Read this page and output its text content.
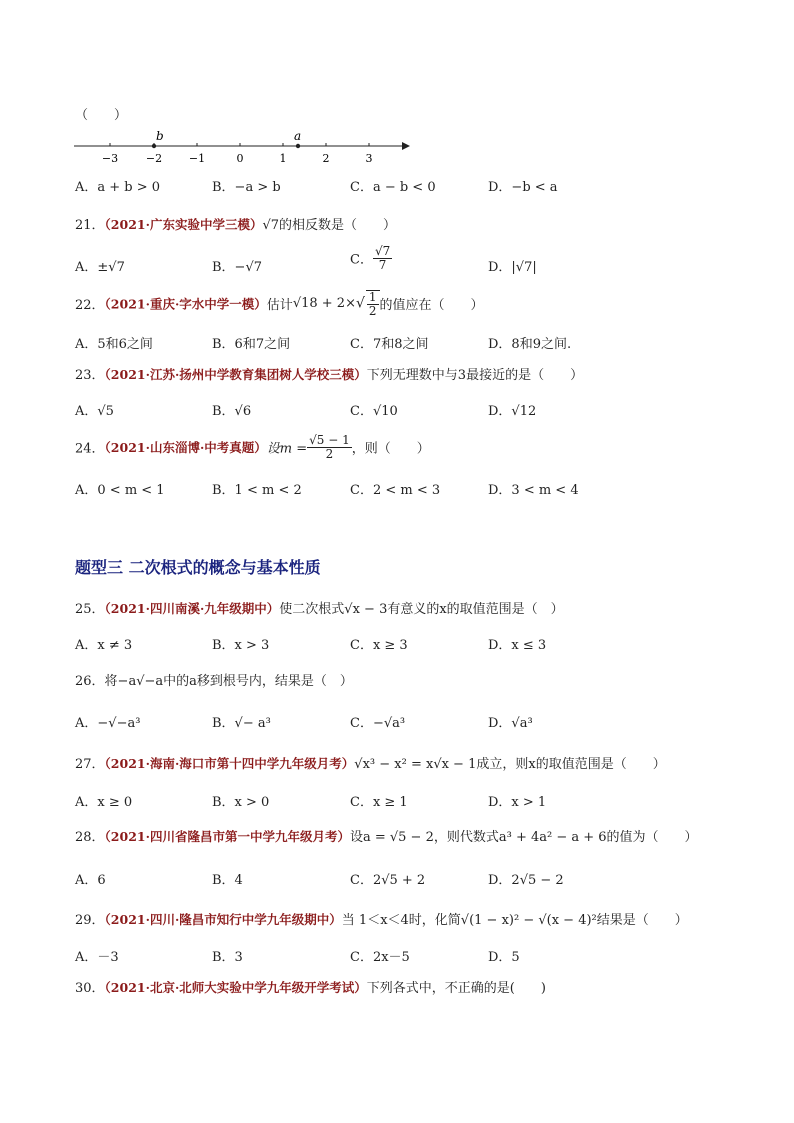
（　　）
b	a
−3	−2 −1	0	1	2	3
A．a + b > 0	B．−a > b	C．a − b < 0	D．−b < a
21．（2021·广东实验中学三模）√7的相反数是（　　）
A．±√7	B．−√7	C． $\frac{√7}{7}$	D．|√7|
22．（2021·重庆·字水中学一模）估计$√18 + 2\times√ \frac{1}{2}$ 的值应在（　　）
A．5和6之间	B．6和7之间	C．7和8之间	D．8和9之间.
23．（2021·江苏·扬州中学教育集团树人学校三模）下列无理数中与3最接近的是（　　）
A．√5	B．√6	C．√10	D．√12
24．（2021·山东淄博·中考真题）设$m = \frac{√5 - 1}{2}$ ，则（　　）
A．0 < m < 1	B．1 < m < 2	C．2 < m < 3	D．3 < m < 4
题型三 二次根式的概念与基本性质
25．（2021·四川南溪·九年级期中）使二次根式√x − 3有意义的x的取值范围是（　）
A．x ≠ 3	B．x > 3	C．x ≥ 3	D．x ≤ 3
26．将−a√−a中的a移到根号内，结果是（　）
A．−√−a³	B．√− a³	C．−√a³	D．√a³
27．（2021·海南·海口市第十四中学九年级月考）√x³ − x² = x√x − 1成立，则x的取值范围是（　　）
A．x ≥ 0	B．x > 0	C．x ≥ 1	D．x > 1
28．（2021·四川省隆昌市第一中学九年级月考）设a = √5 − 2，则代数式a³ + 4a² − a + 6的值为（　　）
A．6	B．4	C．2√5 + 2	D．2√5 − 2
29．（2021·四川·隆昌市知行中学九年级期中）当 1＜x＜4时，化简√(1 − x)² − √(x − 4)²结果是（　　）
A．－3	B．3	C．2x－5	D．5
30．（2021·北京·北师大实验中学九年级开学考试）下列各式中，不正确的是(　　)
